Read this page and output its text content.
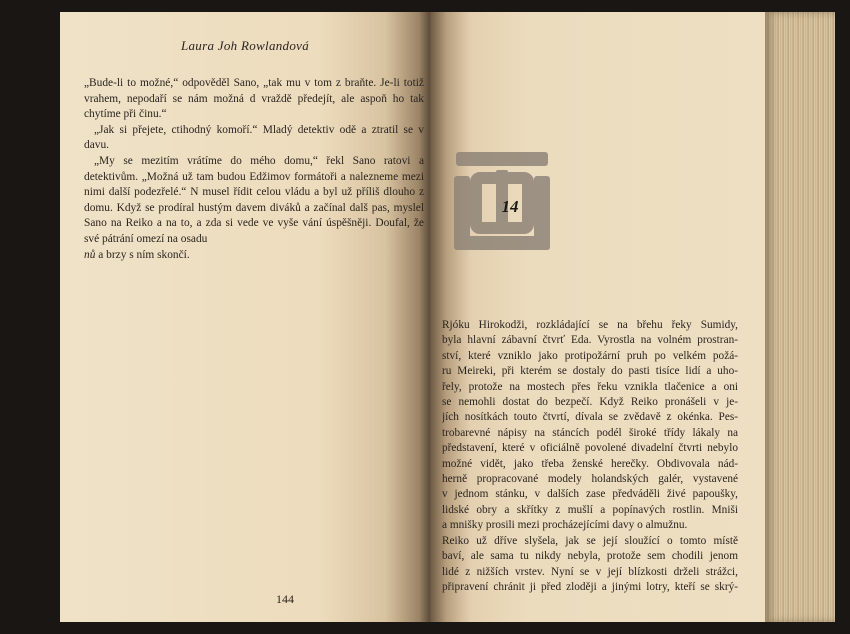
Laura Joh Rowlandová

„Bude-li to možné,“ odpověděl Sano, „tak mu v tom z braňte. Je-li totiž vrahem, nepodaří se nám možná d vraždě předejít, ale aspoň ho tak chytíme při činu.“

„Jak si přejete, ctihodný komoří.“ Mladý detektiv odě a ztratil se v davu.

„My se mezitím vrátíme do mého domu,“ řekl Sano ratovi a detektivům. „Možná už tam budou Edžimov formátoři a nalezneme mezi nimi další podezřelé.“ N musel řídit celou vládu a byl už příliš dlouho z domu. Když se prodíral hustým davem diváků a začínal dalš pas, myslel Sano na Reiko a na to, a zda si vede ve vyše vání úspěšněji. Doufal, že své pátrání omezí na osadu

nů a brzy s ním skončí.

144
14
Rjóku Hirokodži, rozkládající se na břehu řeky Sumidy,
byla hlavní zábavní čtvrť Eda. Vyrostla na volném prostran-
ství, které vzniklo jako protipožární pruh po velkém požá-
ru Meireki, při kterém se dostaly do pasti tisíce lidí a uho-
řely, protože na mostech přes řeku vznikla tlačenice a oni
se nemohli dostat do bezpečí. Když Reiko pronášeli v je-
jích nosítkách touto čtvrtí, dívala se zvědavě z okénka. Pes-
trobarevné nápisy na stáncích podél široké třídy lákaly na
představení, které v oficiálně povolené divadelní čtvrti nebylo
možné vidět, jako třeba ženské herečky. Obdivovala nád-
herně propracované modely holandských galér, vystavené
v jednom stánku, v dalších zase předváděli živé papoušky,
lidské obry a skřítky z mušlí a popínavých rostlin. Mniši
a mnišky prosili mezi procházejícími davy o almužnu.
Reiko už dříve slyšela, jak se její sloužící o tomto místě
baví, ale sama tu nikdy nebyla, protože sem chodili jenom
lidé z nižších vrstev. Nyní se v její blízkosti drželi strážci,
připravení chránit ji před zloději a jinými lotry, kteří se skrý-
